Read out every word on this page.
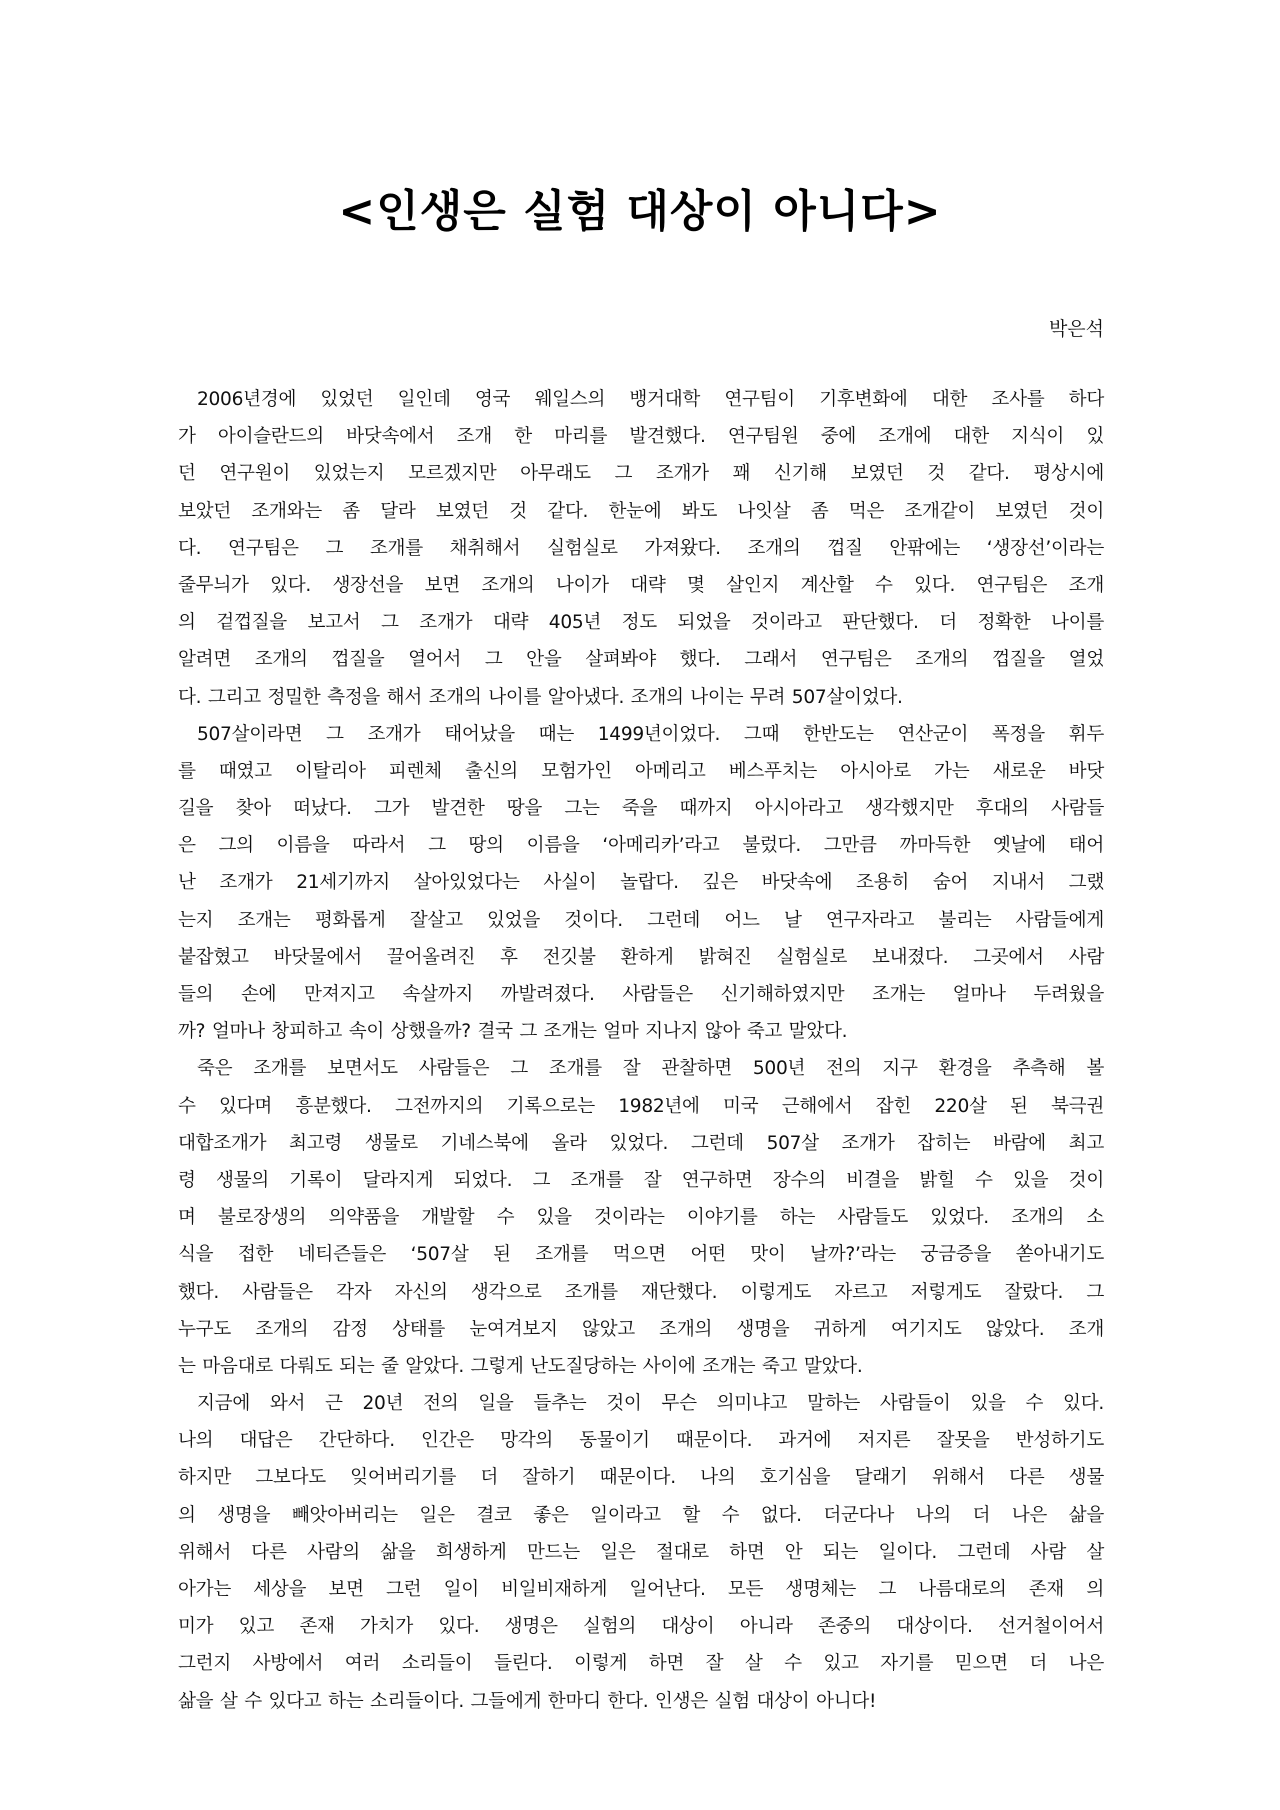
<인생은 실험 대상이 아니다>
박은석
2006년경에 있었던 일인데 영국 웨일스의 뱅거대학 연구팀이 기후변화에 대한 조사를 하다
가 아이슬란드의 바닷속에서 조개 한 마리를 발견했다. 연구팀원 중에 조개에 대한 지식이 있
던 연구원이 있었는지 모르겠지만 아무래도 그 조개가 꽤 신기해 보였던 것 같다. 평상시에
보았던 조개와는 좀 달라 보였던 것 같다. 한눈에 봐도 나잇살 좀 먹은 조개같이 보였던 것이
다. 연구팀은 그 조개를 채취해서 실험실로 가져왔다. 조개의 껍질 안팎에는 ‘생장선’이라는
줄무늬가 있다. 생장선을 보면 조개의 나이가 대략 몇 살인지 계산할 수 있다. 연구팀은 조개
의 겉껍질을 보고서 그 조개가 대략 405년 정도 되었을 것이라고 판단했다. 더 정확한 나이를
알려면 조개의 껍질을 열어서 그 안을 살펴봐야 했다. 그래서 연구팀은 조개의 껍질을 열었
다. 그리고 정밀한 측정을 해서 조개의 나이를 알아냈다. 조개의 나이는 무려 507살이었다.
507살이라면 그 조개가 태어났을 때는 1499년이었다. 그때 한반도는 연산군이 폭정을 휘두
를 때였고 이탈리아 피렌체 출신의 모험가인 아메리고 베스푸치는 아시아로 가는 새로운 바닷
길을 찾아 떠났다. 그가 발견한 땅을 그는 죽을 때까지 아시아라고 생각했지만 후대의 사람들
은 그의 이름을 따라서 그 땅의 이름을 ‘아메리카’라고 불렀다. 그만큼 까마득한 옛날에 태어
난 조개가 21세기까지 살아있었다는 사실이 놀랍다. 깊은 바닷속에 조용히 숨어 지내서 그랬
는지 조개는 평화롭게 잘살고 있었을 것이다. 그런데 어느 날 연구자라고 불리는 사람들에게
붙잡혔고 바닷물에서 끌어올려진 후 전깃불 환하게 밝혀진 실험실로 보내졌다. 그곳에서 사람
들의 손에 만져지고 속살까지 까발려졌다. 사람들은 신기해하였지만 조개는 얼마나 두려웠을
까? 얼마나 창피하고 속이 상했을까? 결국 그 조개는 얼마 지나지 않아 죽고 말았다.
죽은 조개를 보면서도 사람들은 그 조개를 잘 관찰하면 500년 전의 지구 환경을 추측해 볼
수 있다며 흥분했다. 그전까지의 기록으로는 1982년에 미국 근해에서 잡힌 220살 된 북극권
대합조개가 최고령 생물로 기네스북에 올라 있었다. 그런데 507살 조개가 잡히는 바람에 최고
령 생물의 기록이 달라지게 되었다. 그 조개를 잘 연구하면 장수의 비결을 밝힐 수 있을 것이
며 불로장생의 의약품을 개발할 수 있을 것이라는 이야기를 하는 사람들도 있었다. 조개의 소
식을 접한 네티즌들은 ‘507살 된 조개를 먹으면 어떤 맛이 날까?’라는 궁금증을 쏟아내기도
했다. 사람들은 각자 자신의 생각으로 조개를 재단했다. 이렇게도 자르고 저렇게도 잘랐다. 그
누구도 조개의 감정 상태를 눈여겨보지 않았고 조개의 생명을 귀하게 여기지도 않았다. 조개
는 마음대로 다뤄도 되는 줄 알았다. 그렇게 난도질당하는 사이에 조개는 죽고 말았다.
지금에 와서 근 20년 전의 일을 들추는 것이 무슨 의미냐고 말하는 사람들이 있을 수 있다.
나의 대답은 간단하다. 인간은 망각의 동물이기 때문이다. 과거에 저지른 잘못을 반성하기도
하지만 그보다도 잊어버리기를 더 잘하기 때문이다. 나의 호기심을 달래기 위해서 다른 생물
의 생명을 빼앗아버리는 일은 결코 좋은 일이라고 할 수 없다. 더군다나 나의 더 나은 삶을
위해서 다른 사람의 삶을 희생하게 만드는 일은 절대로 하면 안 되는 일이다. 그런데 사람 살
아가는 세상을 보면 그런 일이 비일비재하게 일어난다. 모든 생명체는 그 나름대로의 존재 의
미가 있고 존재 가치가 있다. 생명은 실험의 대상이 아니라 존중의 대상이다. 선거철이어서
그런지 사방에서 여러 소리들이 들린다. 이렇게 하면 잘 살 수 있고 자기를 믿으면 더 나은
삶을 살 수 있다고 하는 소리들이다. 그들에게 한마디 한다. 인생은 실험 대상이 아니다!
